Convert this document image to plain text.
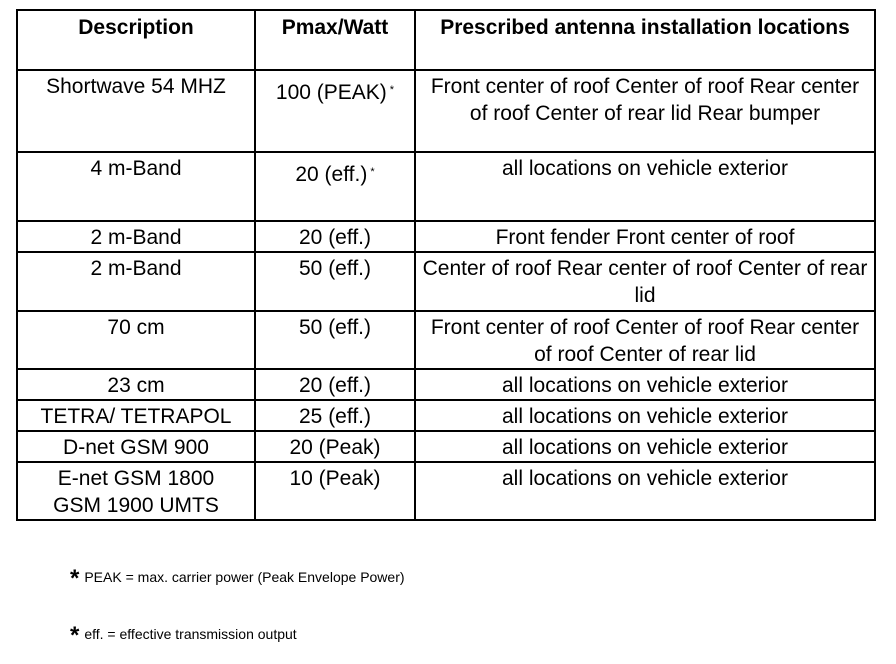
Description	Pmax/Watt	Prescribed antenna installation locations
Shortwave 54 MHZ	100 (PEAK) *	Front center of roof Center of roof Rear center of roof Center of rear lid Rear bumper
4 m-Band	20 (eff.) *	all locations on vehicle exterior
2 m-Band	20 (eff.)	Front fender Front center of roof
2 m-Band	50 (eff.)	Center of roof Rear center of roof Center of rear lid
70 cm	50 (eff.)	Front center of roof Center of roof Rear center of roof Center of rear lid
23 cm	20 (eff.)	all locations on vehicle exterior
TETRA/ TETRAPOL	25 (eff.)	all locations on vehicle exterior
D-net GSM 900	20 (Peak)	all locations on vehicle exterior
E-net GSM 1800 GSM 1900 UMTS	10 (Peak)	all locations on vehicle exterior
* PEAK = max. carrier power (Peak Envelope Power)
* eff. = effective transmission output
